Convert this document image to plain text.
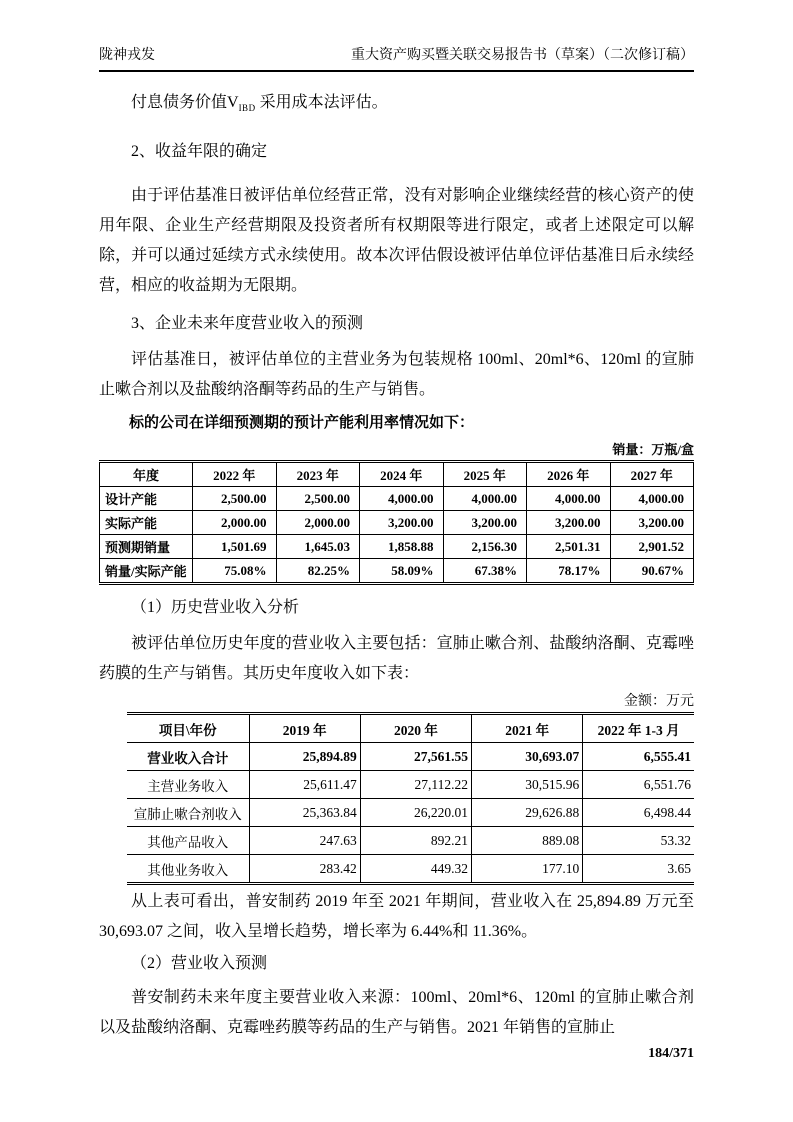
陇神戎发	重大资产购买暨关联交易报告书（草案）（二次修订稿）

付息债务价值$V_{IBD}$ 采用成本法评估。

2、收益年限的确定

由于评估基准日被评估单位经营正常，没有对影响企业继续经营的核心资产的使用年限、企业生产经营期限及投资者所有权期限等进行限定，或者上述限定可以解除，并可以通过延续方式永续使用。故本次评估假设被评估单位评估基准日后永续经营，相应的收益期为无限期。

3、企业未来年度营业收入的预测

评估基准日，被评估单位的主营业务为包装规格 100ml、20ml*6、120ml 的宣肺止嗽合剂以及盐酸纳洛酮等药品的生产与销售。

标的公司在详细预测期的预计产能利用率情况如下：

销量：万瓶/盒
年度	2022 年	2023 年	2024 年	2025 年	2026 年	2027 年
设计产能	2,500.00	2,500.00	4,000.00	4,000.00	4,000.00	4,000.00
实际产能	2,000.00	2,000.00	3,200.00	3,200.00	3,200.00	3,200.00
预测期销量	1,501.69	1,645.03	1,858.88	2,156.30	2,501.31	2,901.52
销量/实际产能	75.08%	82.25%	58.09%	67.38%	78.17%	90.67%

（1）历史营业收入分析

被评估单位历史年度的营业收入主要包括：宣肺止嗽合剂、盐酸纳洛酮、克霉唑药膜的生产与销售。其历史年度收入如下表：

金额：万元
项目\年份	2019 年	2020 年	2021 年	2022 年 1-3 月
营业收入合计	25,894.89	27,561.55	30,693.07	6,555.41
主营业务收入	25,611.47	27,112.22	30,515.96	6,551.76
宣肺止嗽合剂收入	25,363.84	26,220.01	29,626.88	6,498.44
其他产品收入	247.63	892.21	889.08	53.32
其他业务收入	283.42	449.32	177.10	3.65

从上表可看出，普安制药 2019 年至 2021 年期间，营业收入在 25,894.89 万元至 30,693.07 之间，收入呈增长趋势，增长率为 6.44%和 11.36%。

（2）营业收入预测

普安制药未来年度主要营业收入来源：100ml、20ml*6、120ml 的宣肺止嗽合剂以及盐酸纳洛酮、克霉唑药膜等药品的生产与销售。2021 年销售的宣肺止

184/371
